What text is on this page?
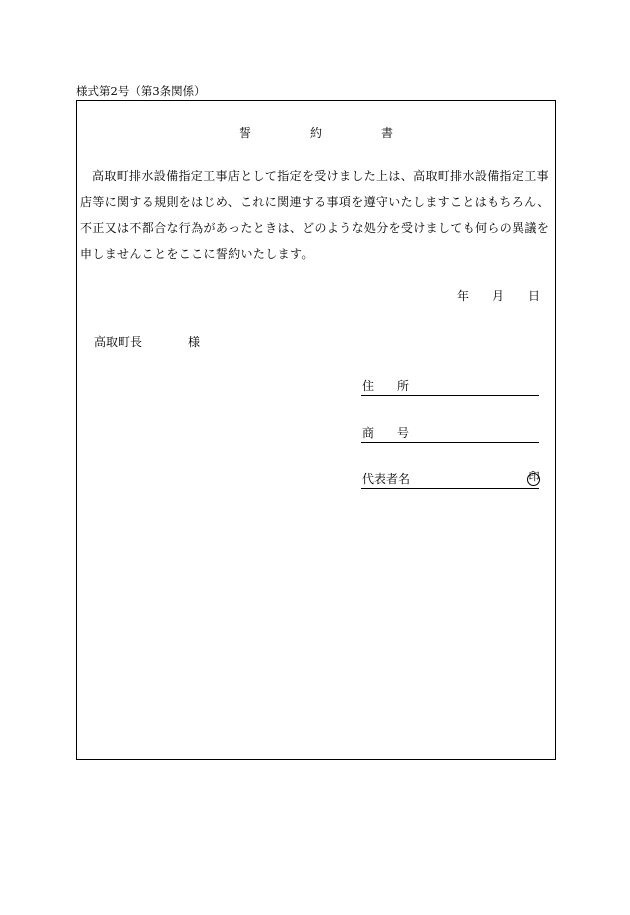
様式第2号（第3条関係）
誓	約	書

高取町排水設備指定工事店として指定を受けました上は、高取町排水設備指定工事店等に関する規則をはじめ、これに関連する事項を遵守いたしますことはもちろん、不正又は不都合な行為があったときは、どのような処分を受けましても何らの異議を申しませんことをここに誓約いたします。

年 月 日
高取町長	様
住 所
商 号
代表者名	印
